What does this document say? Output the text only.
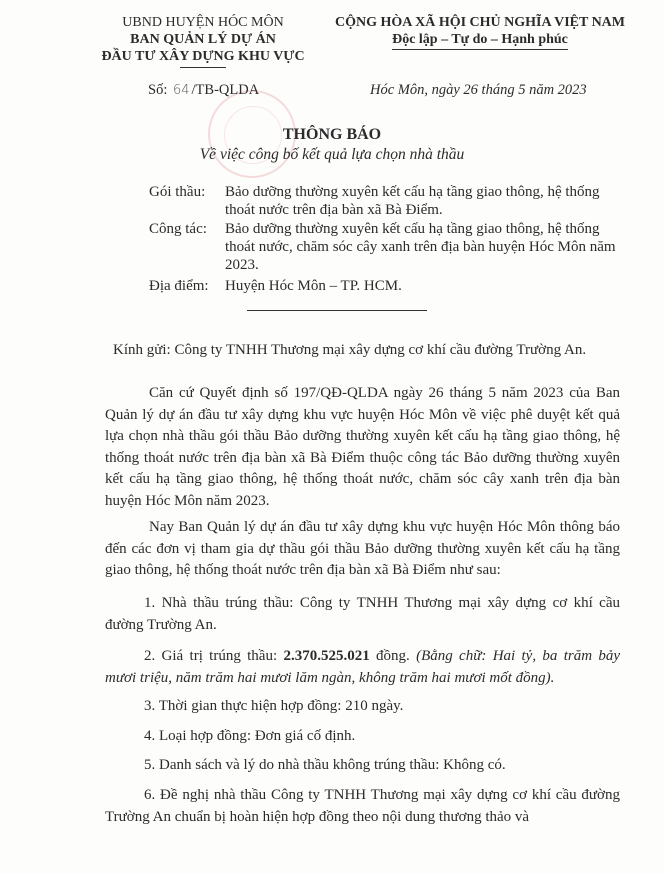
UBND HUYỆN HÓC MÔN
BAN QUẢN LÝ DỰ ÁN
ĐẦU TƯ XÂY DỰNG KHU VỰC
CỘNG HÒA XÃ HỘI CHỦ NGHĨA VIỆT NAM
Độc lập – Tự do – Hạnh phúc
Số: 64 /TB-QLDA	Hóc Môn, ngày 26 tháng 5 năm 2023
THÔNG BÁO
Về việc công bố kết quả lựa chọn nhà thầu
Gói thầu: Bảo dưỡng thường xuyên kết cấu hạ tầng giao thông, hệ thống thoát nước trên địa bàn xã Bà Điểm.
Công tác: Bảo dưỡng thường xuyên kết cấu hạ tầng giao thông, hệ thống thoát nước, chăm sóc cây xanh trên địa bàn huyện Hóc Môn năm 2023.
Địa điểm: Huyện Hóc Môn – TP. HCM.
Kính gửi: Công ty TNHH Thương mại xây dựng cơ khí cầu đường Trường An.
Căn cứ Quyết định số 197/QĐ-QLDA ngày 26 tháng 5 năm 2023 của Ban Quản lý dự án đầu tư xây dựng khu vực huyện Hóc Môn về việc phê duyệt kết quả lựa chọn nhà thầu gói thầu Bảo dưỡng thường xuyên kết cấu hạ tầng giao thông, hệ thống thoát nước trên địa bàn xã Bà Điểm thuộc công tác Bảo dưỡng thường xuyên kết cấu hạ tầng giao thông, hệ thống thoát nước, chăm sóc cây xanh trên địa bàn huyện Hóc Môn năm 2023.
Nay Ban Quản lý dự án đầu tư xây dựng khu vực huyện Hóc Môn thông báo đến các đơn vị tham gia dự thầu gói thầu Bảo dưỡng thường xuyên kết cấu hạ tầng giao thông, hệ thống thoát nước trên địa bàn xã Bà Điểm như sau:
1. Nhà thầu trúng thầu: Công ty TNHH Thương mại xây dựng cơ khí cầu đường Trường An.
2. Giá trị trúng thầu: 2.370.525.021 đồng. (Bằng chữ: Hai tỷ, ba trăm bảy mươi triệu, năm trăm hai mươi lăm ngàn, không trăm hai mươi mốt đồng).
3. Thời gian thực hiện hợp đồng: 210 ngày.
4. Loại hợp đồng: Đơn giá cố định.
5. Danh sách và lý do nhà thầu không trúng thầu: Không có.
6. Đề nghị nhà thầu Công ty TNHH Thương mại xây dựng cơ khí cầu đường Trường An chuẩn bị hoàn hiện hợp đồng theo nội dung thương thảo và
